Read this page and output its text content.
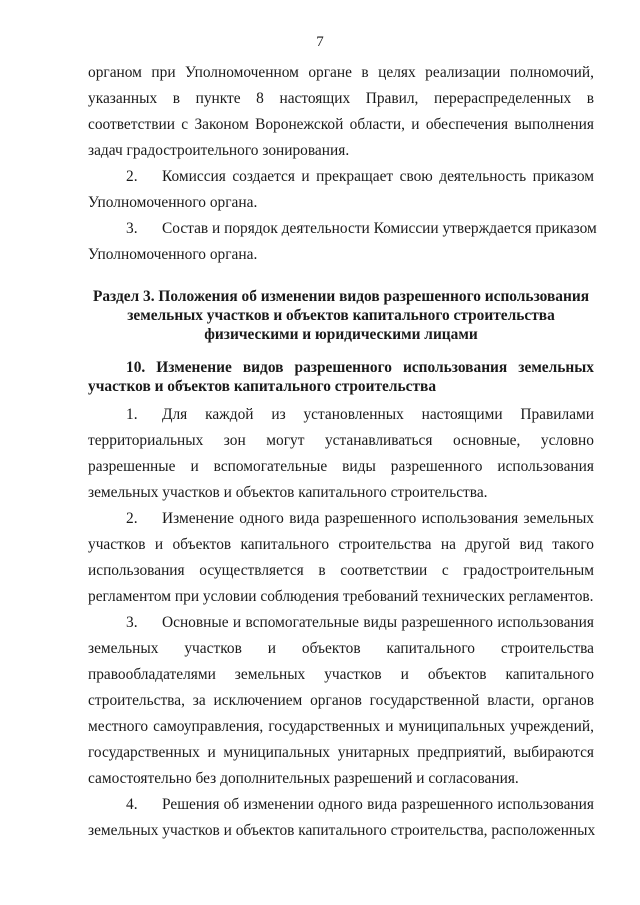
7
органом при Уполномоченном органе в целях реализации полномочий,
указанных в пункте 8 настоящих Правил, перераспределенных в
соответствии с Законом Воронежской области, и обеспечения выполнения
задач градостроительного зонирования.
2. Комиссия создается и прекращает свою деятельность приказом
Уполномоченного органа.
3. Состав и порядок деятельности Комиссии утверждается приказом
Уполномоченного органа.
Раздел 3. Положения об изменении видов разрешенного использования
земельных участков и объектов капитального строительства
физическими и юридическими лицами
10. Изменение видов разрешенного использования земельных
участков и объектов капитального строительства
1. Для каждой из установленных настоящими Правилами
территориальных зон могут устанавливаться основные, условно
разрешенные и вспомогательные виды разрешенного использования
земельных участков и объектов капитального строительства.
2. Изменение одного вида разрешенного использования земельных
участков и объектов капитального строительства на другой вид такого
использования осуществляется в соответствии с градостроительным
регламентом при условии соблюдения требований технических регламентов.
3. Основные и вспомогательные виды разрешенного использования
земельных участков и объектов капитального строительства
правообладателями земельных участков и объектов капитального
строительства, за исключением органов государственной власти, органов
местного самоуправления, государственных и муниципальных учреждений,
государственных и муниципальных унитарных предприятий, выбираются
самостоятельно без дополнительных разрешений и согласования.
4. Решения об изменении одного вида разрешенного использования
земельных участков и объектов капитального строительства, расположенных
